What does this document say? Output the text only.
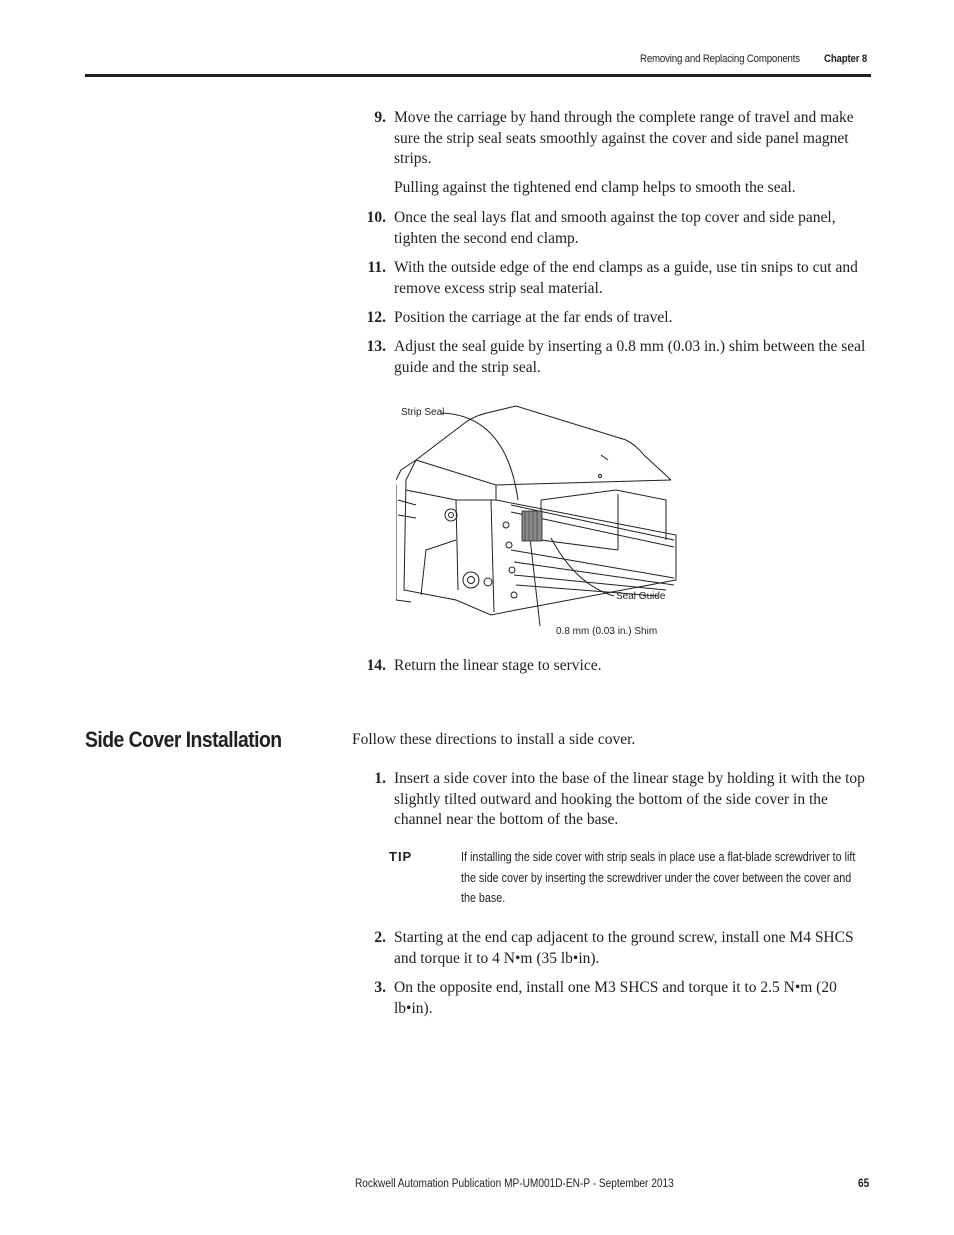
Removing and Replacing Components Chapter 8
9. Move the carriage by hand through the complete range of travel and make sure the strip seal seats smoothly against the cover and side panel magnet strips.
Pulling against the tightened end clamp helps to smooth the seal.
10. Once the seal lays flat and smooth against the top cover and side panel, tighten the second end clamp.
11. With the outside edge of the end clamps as a guide, use tin snips to cut and remove excess strip seal material.
12. Position the carriage at the far ends of travel.
13. Adjust the seal guide by inserting a 0.8 mm (0.03 in.) shim between the seal guide and the strip seal.
Strip Seal
Seal Guide
0.8 mm (0.03 in.) Shim
14. Return the linear stage to service.
Side Cover Installation	Follow these directions to install a side cover.
1. Insert a side cover into the base of the linear stage by holding it with the top slightly tilted outward and hooking the bottom of the side cover in the channel near the bottom of the base.
TIP	If installing the side cover with strip seals in place use a flat-blade screwdriver to lift the side cover by inserting the screwdriver under the cover between the cover and the base.
2. Starting at the end cap adjacent to the ground screw, install one M4 SHCS and torque it to 4 N•m (35 lb•in).
3. On the opposite end, install one M3 SHCS and torque it to 2.5 N•m (20 lb•in).
Rockwell Automation Publication MP-UM001D-EN-P - September 2013	65
